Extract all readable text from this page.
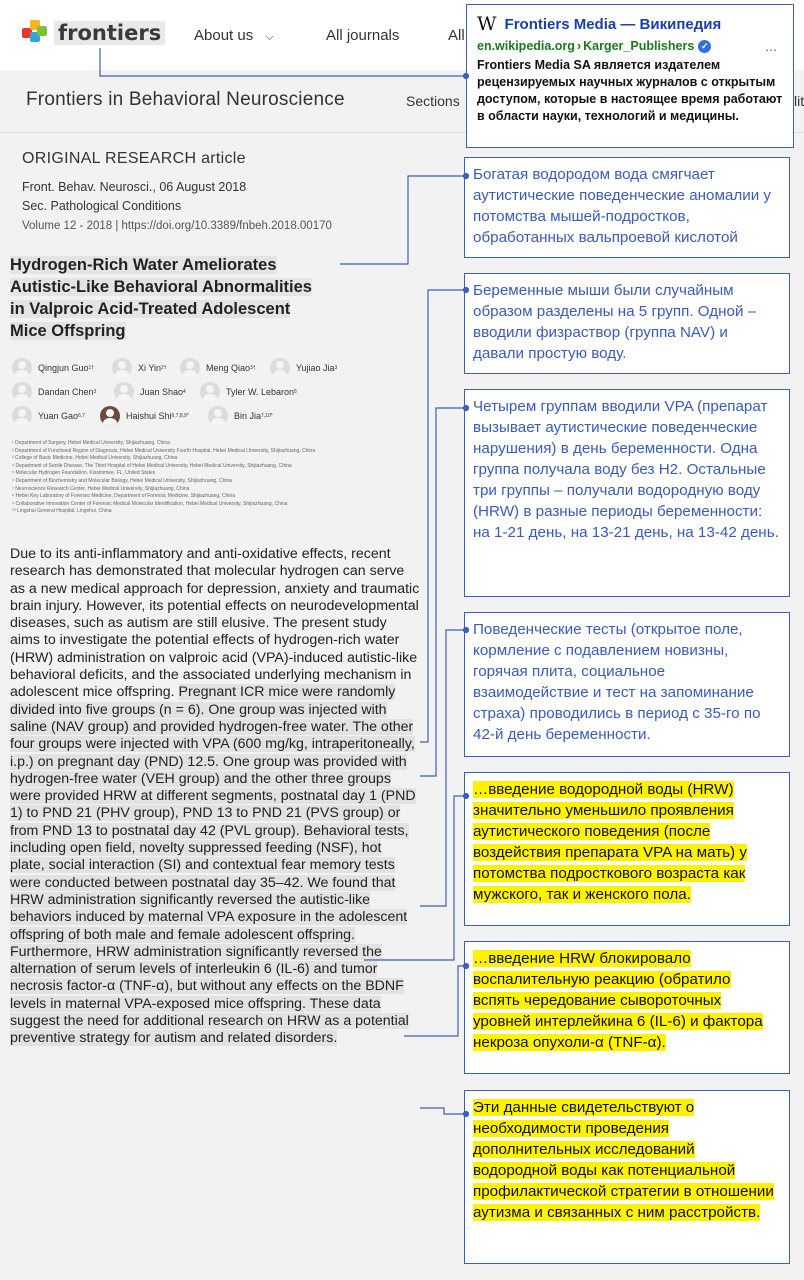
frontiers About us ⌵	All journals	All
Frontiers in Behavioral Neuroscience	Sections	lit
ORIGINAL RESEARCH article
Front. Behav. Neurosci., 06 August 2018
Sec. Pathological Conditions
Volume 12 - 2018 | https://doi.org/10.3389/fnbeh.2018.00170
Hydrogen-Rich Water Ameliorates
Autistic-Like Behavioral Abnormalities
in Valproic Acid-Treated Adolescent
Mice Offspring
Qingjun Guo 1†	Xi Yin 2†	Meng Qiao 3†	Yujiao Jia 3
Dandan Chen 3	Juan Shao 4	Tyler W. Lebaron 5
Yuan Gao 6,7	Haishui Shi 6,7,8,9*	Bin Jia 7,10*
¹ Department of Surgery, Hebei Medical University, Shijiazhuang, China
² Department of Functional Region of Diagnosis, Hebei Medical University Fourth Hospital, Hebei Medical University, Shijiazhuang, China
³ College of Basic Medicine, Hebei Medical University, Shijiazhuang, China
⁴ Department of Senile Disease, The Third Hospital of Hebei Medical University, Hebei Medical University, Shijiazhuang, China
⁵ Molecular Hydrogen Foundation, Kissimmee, FL, United States
⁶ Department of Biochemistry and Molecular Biology, Hebei Medical University, Shijiazhuang, China
⁷ Neuroscience Research Center, Hebei Medical University, Shijiazhuang, China
⁸ Hebei Key Laboratory of Forensic Medicine, Department of Forensic Medicine, Shijiazhuang, China
⁹ Collaborative Innovation Center of Forensic Medical Molecular Identification, Hebei Medical University, Shijiazhuang, China
¹⁰ Lingshui General Hospital, Lingshui, China
Due to its anti-inflammatory and anti-oxidative effects, recent research has demonstrated that molecular hydrogen can serve as a new medical approach for depression, anxiety and traumatic brain injury. However, its potential effects on neurodevelopmental diseases, such as autism are still elusive. The present study aims to investigate the potential effects of hydrogen-rich water (HRW) administration on valproic acid (VPA)-induced autistic-like behavioral deficits, and the associated underlying mechanism in adolescent mice offspring. Pregnant ICR mice were randomly divided into five groups (n = 6). One group was injected with saline (NAV group) and provided hydrogen-free water. The other four groups were injected with VPA (600 mg/kg, intraperitoneally, i.p.) on pregnant day (PND) 12.5. One group was provided with hydrogen-free water (VEH group) and the other three groups were provided HRW at different segments, postnatal day 1 (PND 1) to PND 21 (PHV group), PND 13 to PND 21 (PVS group) or from PND 13 to postnatal day 42 (PVL group). Behavioral tests, including open field, novelty suppressed feeding (NSF), hot plate, social interaction (SI) and contextual fear memory tests were conducted between postnatal day 35–42. We found that HRW administration significantly reversed the autistic-like behaviors induced by maternal VPA exposure in the adolescent offspring of both male and female adolescent offspring. Furthermore, HRW administration significantly reversed the alternation of serum levels of interleukin 6 (IL-6) and tumor necrosis factor-α (TNF-α), but without any effects on the BDNF levels in maternal VPA-exposed mice offspring. These data suggest the need for additional research on HRW as a potential preventive strategy for autism and related disorders.
W Frontiers Media — Википедия
en.wikipedia.org › Karger_Publishers ✓	⋯
Frontiers Media SA является издателем рецензируемых научных журналов с открытым доступом, которые в настоящее время работают в области науки, технологий и медицины.
Богатая водородом вода смягчает аутистические поведенческие аномалии у потомства мышей-подростков, обработанных вальпроевой кислотой
Беременные мыши были случайным образом разделены на 5 групп. Одной – вводили физраствор (группа NAV) и давали простую воду.
Четырем группам вводили VPA (препарат вызывает аутистические поведенческие нарушения) в день беременности. Одна группа получала воду без H2. Остальные три группы – получали водородную воду (HRW) в разные периоды беременности: на 1-21 день, на 13-21 день, на 13-42 день.
Поведенческие тесты (открытое поле, кормление с подавлением новизны, горячая плита, социальное взаимодействие и тест на запоминание страха) проводились в период с 35-го по 42-й день беременности.
…введение водородной воды (HRW) значительно уменьшило проявления аутистического поведения (после воздействия препарата VPA на мать) у потомства подросткового возраста как мужского, так и женского пола.
…введение HRW блокировало воспалительную реакцию (обратило вспять чередование сывороточных уровней интерлейкина 6 (IL-6) и фактора некроза опухоли-α (TNF-α).
Эти данные свидетельствуют о необходимости проведения дополнительных исследований водородной воды как потенциальной профилактической стратегии в отношении аутизма и связанных с ним расстройств.
